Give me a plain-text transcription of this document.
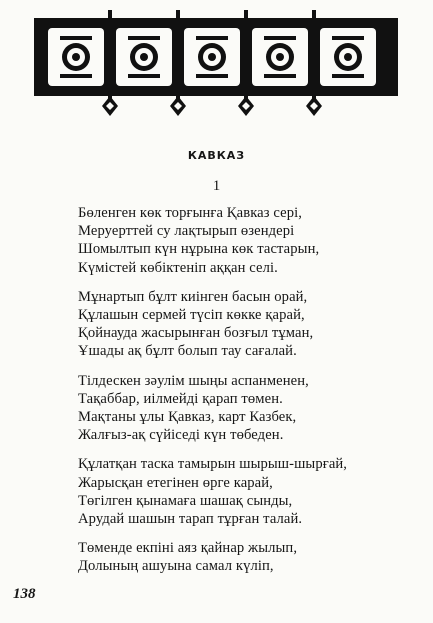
КАВКАЗ
1
Бөленген көк торғынға Қавказ сері,
Меруерттей су лақтырып өзендері
Шомылтып күн нұрына көк тастарын,
Күмістей көбіктеніп аққан селі.
Мұнартып бұлт киінген басын орай,
Құлашын сермей түсіп көкке қарай,
Қойнауда жасырынған бозғыл тұман,
Ұшады ақ бұлт болып тау сағалай.
Тілдескен зәулім шыңы аспанменен,
Тақаббар, иілмейді қарап төмен.
Мақтаны ұлы Қавказ, карт Казбек,
Жалғыз-ақ сүйіседі күн төбеден.
Құлатқан таска тамырын шырыш-шырғай,
Жарысқан етегінен өрге карай,
Төгілген қынамаға шашақ сынды,
Арудай шашын тарап тұрған талай.
Төменде екпіні аяз қайнар жылып,
Долының ашуына самал күліп,
138
